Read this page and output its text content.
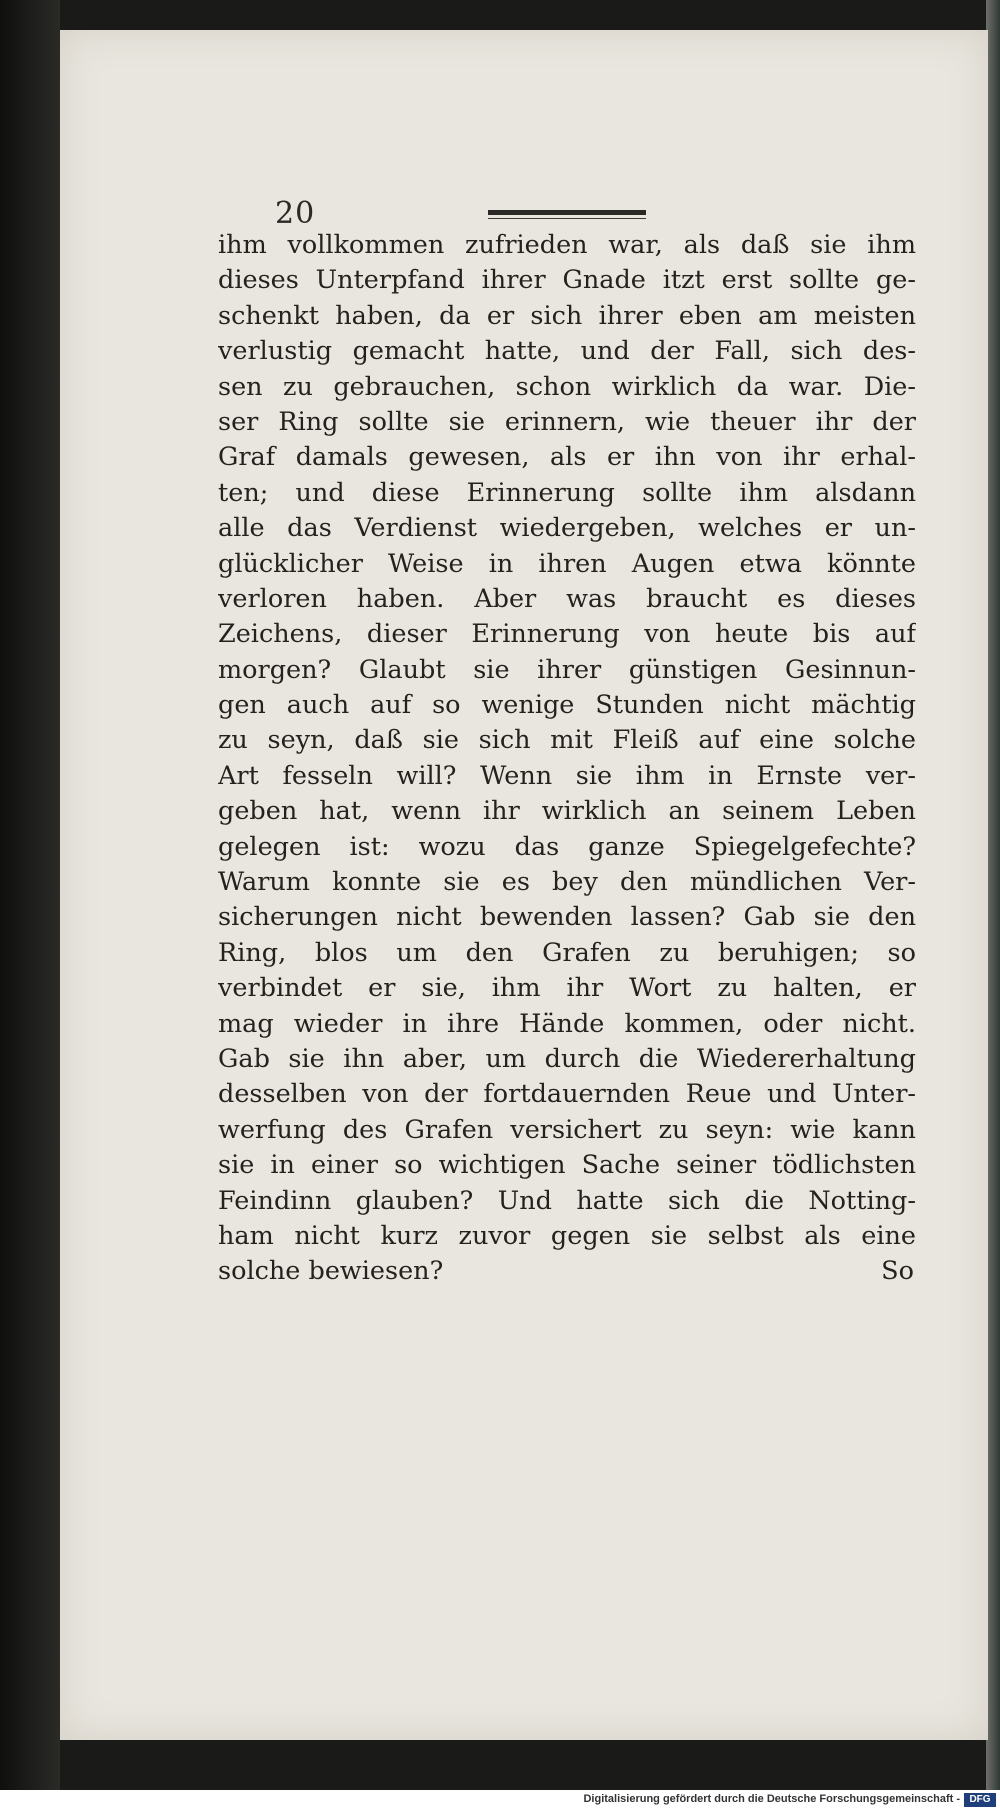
20
ihm vollkommen zufrieden war, als daß sie ihm
dieses Unterpfand ihrer Gnade itzt erst sollte ge-
schenkt haben, da er sich ihrer eben am meisten
verlustig gemacht hatte, und der Fall, sich des-
sen zu gebrauchen, schon wirklich da war. Die-
ser Ring sollte sie erinnern, wie theuer ihr der
Graf damals gewesen, als er ihn von ihr erhal-
ten; und diese Erinnerung sollte ihm alsdann
alle das Verdienst wiedergeben, welches er un-
glücklicher Weise in ihren Augen etwa könnte
verloren haben. Aber was braucht es dieses
Zeichens, dieser Erinnerung von heute bis auf
morgen? Glaubt sie ihrer günstigen Gesinnun-
gen auch auf so wenige Stunden nicht mächtig
zu seyn, daß sie sich mit Fleiß auf eine solche
Art fesseln will? Wenn sie ihm in Ernste ver-
geben hat, wenn ihr wirklich an seinem Leben
gelegen ist: wozu das ganze Spiegelgefechte?
Warum konnte sie es bey den mündlichen Ver-
sicherungen nicht bewenden lassen? Gab sie den
Ring, blos um den Grafen zu beruhigen; so
verbindet er sie, ihm ihr Wort zu halten, er
mag wieder in ihre Hände kommen, oder nicht.
Gab sie ihn aber, um durch die Wiedererhaltung
desselben von der fortdauernden Reue und Unter-
werfung des Grafen versichert zu seyn: wie kann
sie in einer so wichtigen Sache seiner tödlichsten
Feindinn glauben? Und hatte sich die Notting-
ham nicht kurz zuvor gegen sie selbst als eine
solche bewiesen?	So
Digitalisierung gefördert durch die Deutsche Forschungsgemeinschaft - DFG
